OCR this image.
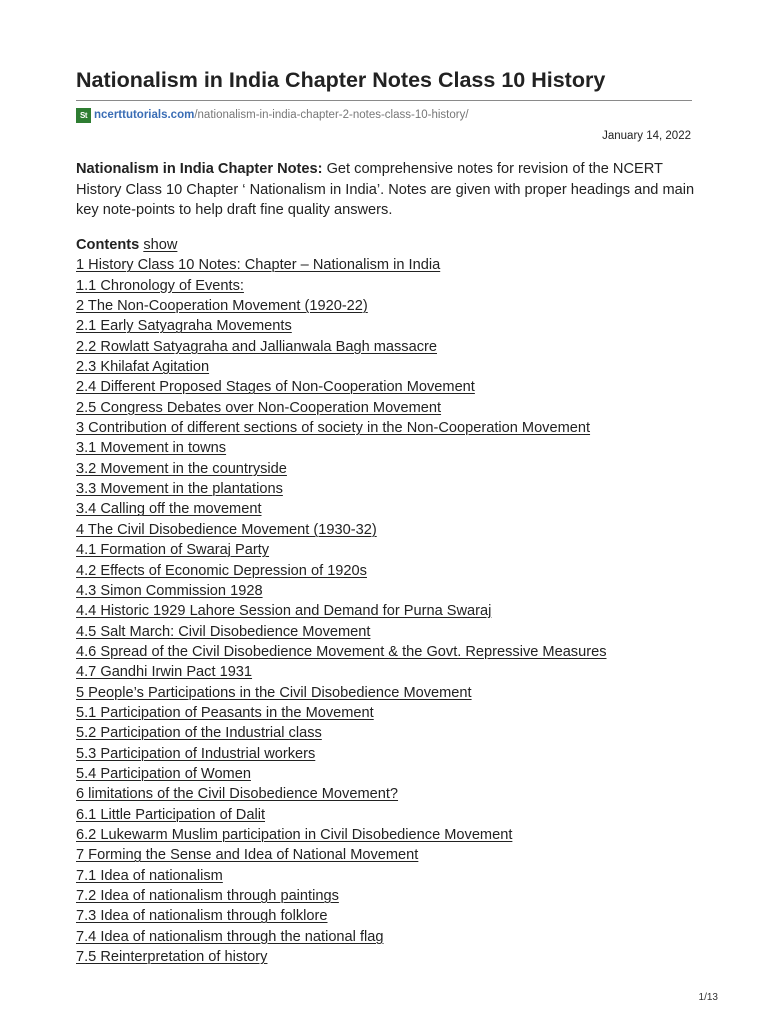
Nationalism in India Chapter Notes Class 10 History
St ncerttutorials.com /nationalism-in-india-chapter-2-notes-class-10-history/
January 14, 2022

Nationalism in India Chapter Notes: Get comprehensive notes for revision of the NCERT History Class 10 Chapter ‘ Nationalism in India’. Notes are given with proper headings and main key note-points to help draft fine quality answers.

Contents show
1 History Class 10 Notes: Chapter – Nationalism in India
1.1 Chronology of Events:
2 The Non-Cooperation Movement (1920-22)
2.1 Early Satyagraha Movements
2.2 Rowlatt Satyagraha and Jallianwala Bagh massacre
2.3 Khilafat Agitation
2.4 Different Proposed Stages of Non-Cooperation Movement
2.5 Congress Debates over Non-Cooperation Movement
3 Contribution of different sections of society in the Non-Cooperation Movement
3.1 Movement in towns
3.2 Movement in the countryside
3.3 Movement in the plantations
3.4 Calling off the movement
4 The Civil Disobedience Movement (1930-32)
4.1 Formation of Swaraj Party
4.2 Effects of Economic Depression of 1920s
4.3 Simon Commission 1928
4.4 Historic 1929 Lahore Session and Demand for Purna Swaraj
4.5 Salt March: Civil Disobedience Movement
4.6 Spread of the Civil Disobedience Movement & the Govt. Repressive Measures
4.7 Gandhi Irwin Pact 1931
5 People’s Participations in the Civil Disobedience Movement
5.1 Participation of Peasants in the Movement
5.2 Participation of the Industrial class
5.3 Participation of Industrial workers
5.4 Participation of Women
6 limitations of the Civil Disobedience Movement?
6.1 Little Participation of Dalit
6.2 Lukewarm Muslim participation in Civil Disobedience Movement
7 Forming the Sense and Idea of National Movement
7.1 Idea of nationalism
7.2 Idea of nationalism through paintings
7.3 Idea of nationalism through folklore
7.4 Idea of nationalism through the national flag
7.5 Reinterpretation of history
1/13
